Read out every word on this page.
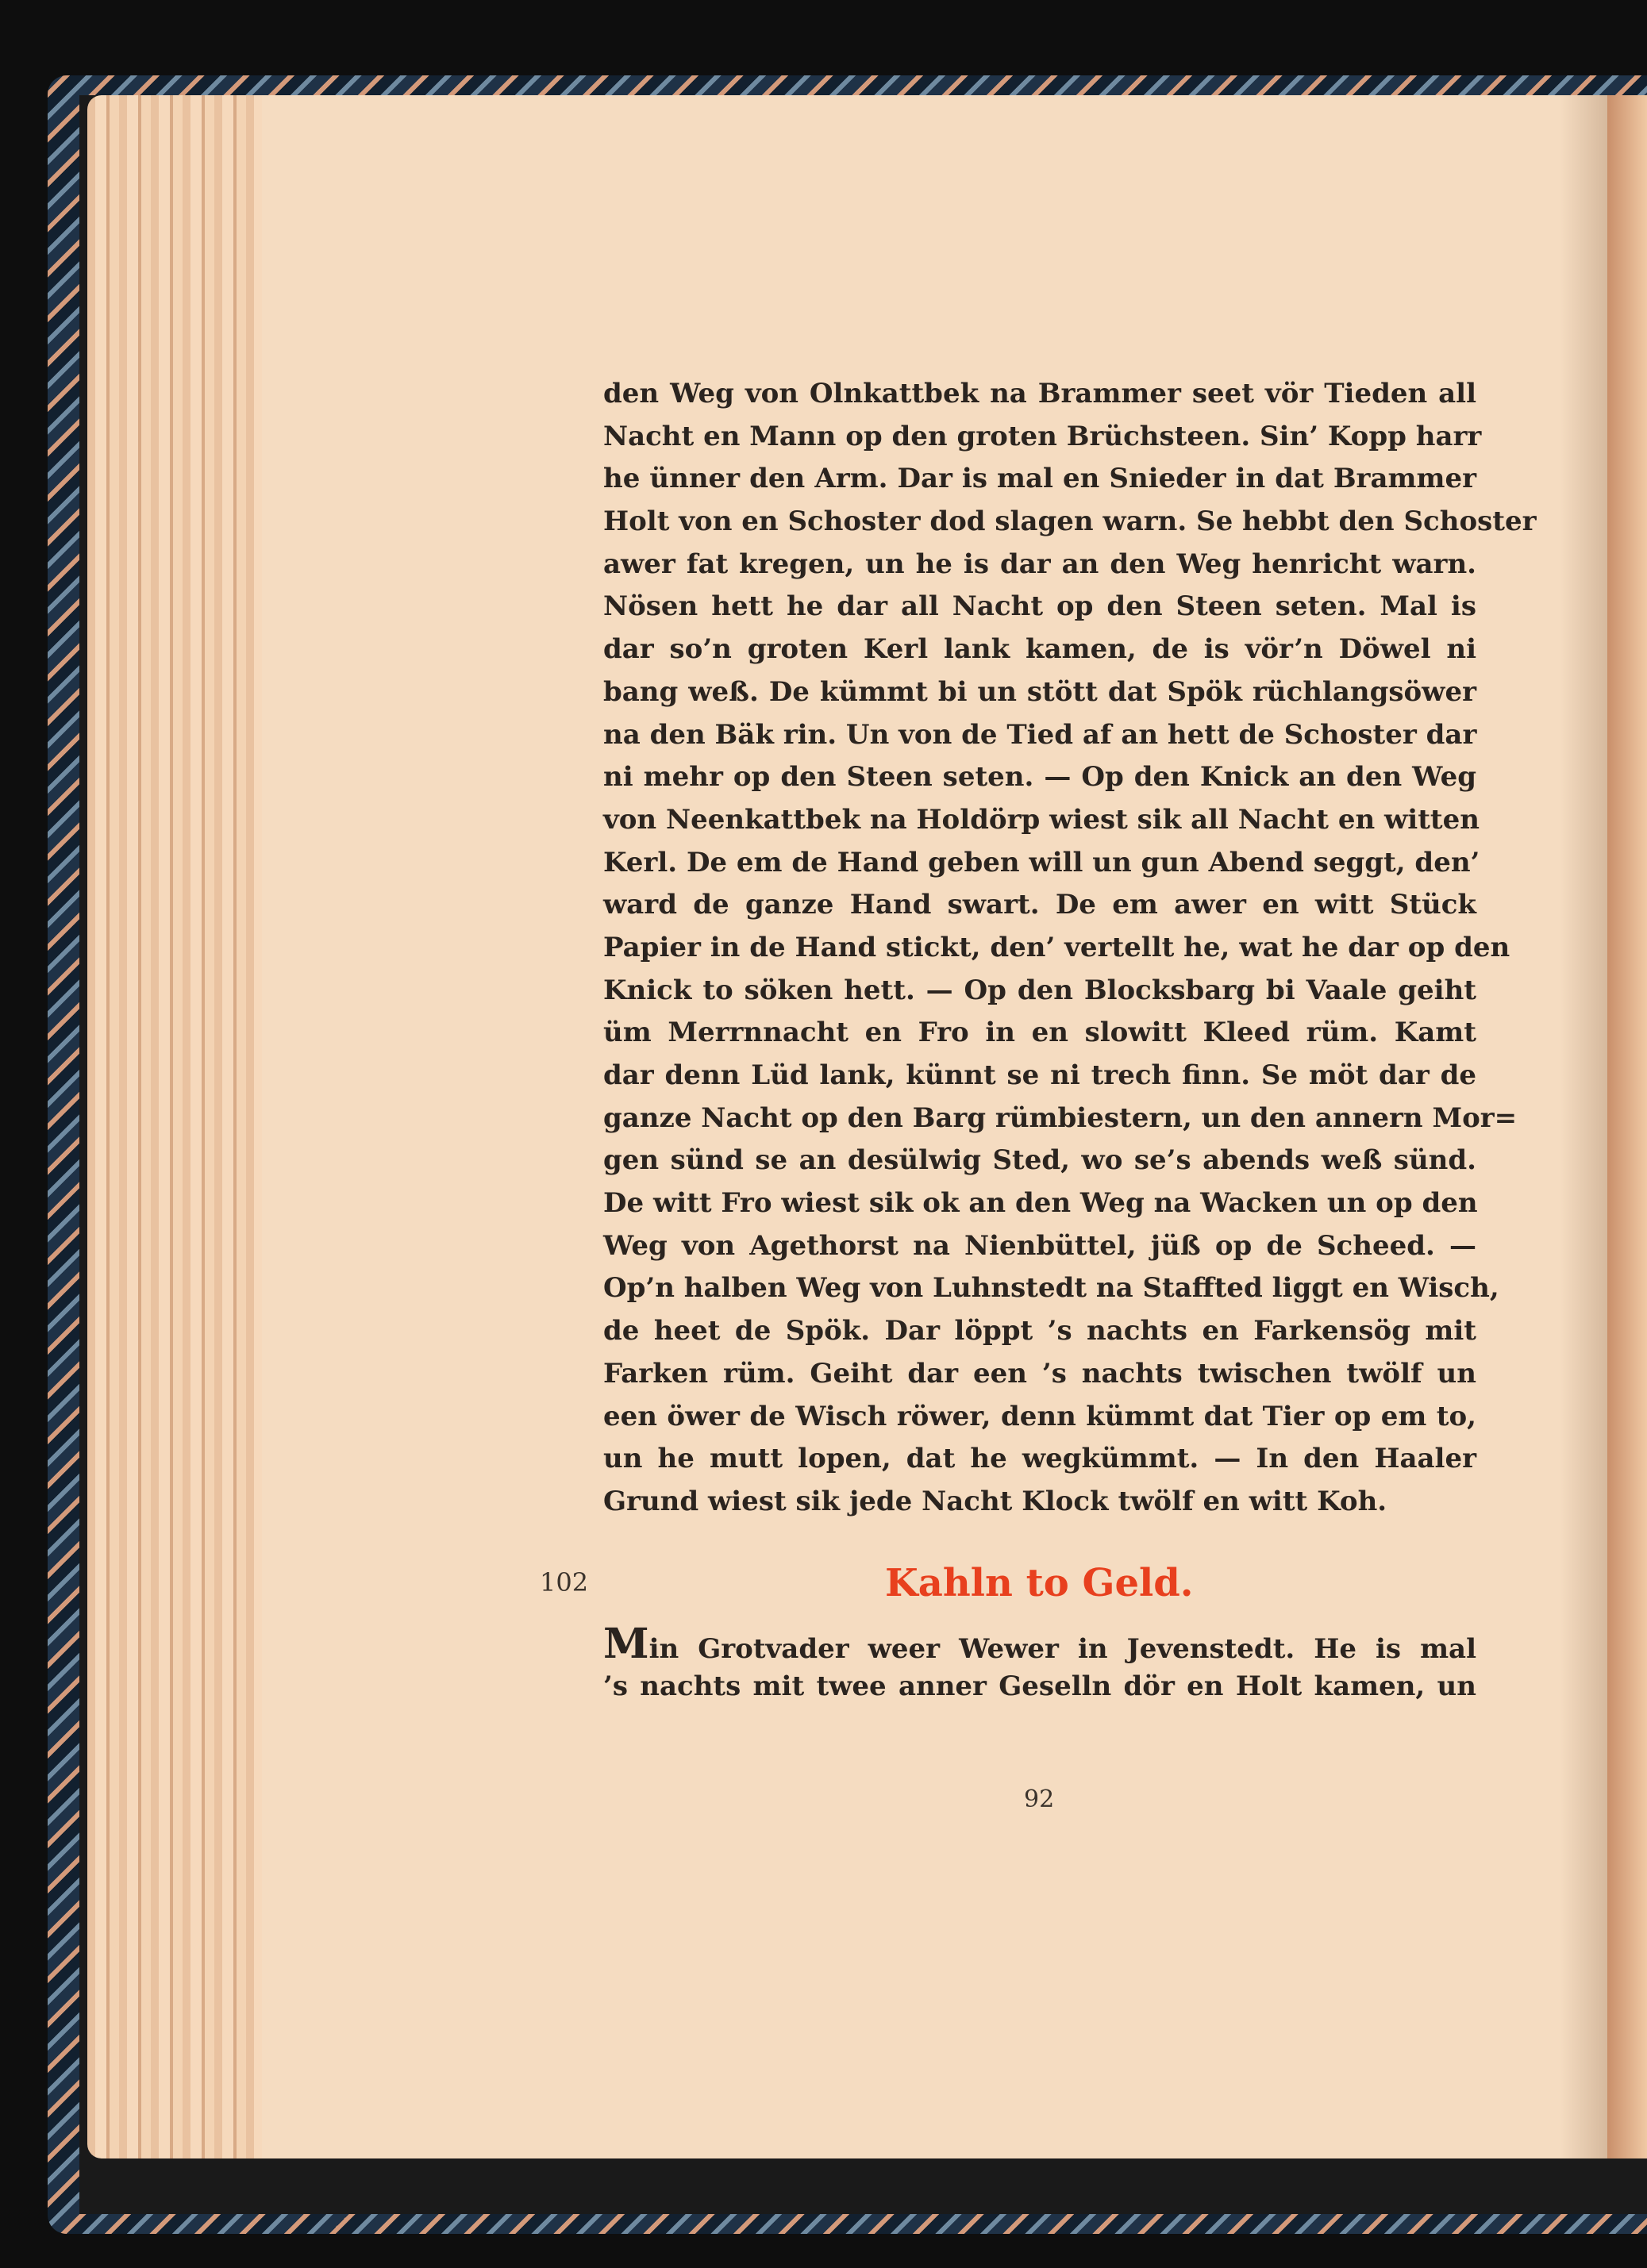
den Weg von Olnkattbek na Brammer seet vör Tieden all
Nacht en Mann op den groten Brüchsteen. Sin’ Kopp harr
he ünner den Arm. Dar is mal en Snieder in dat Brammer
Holt von en Schoster dod slagen warn. Se hebbt den Schoster
awer fat kregen, un he is dar an den Weg henricht warn.
Nösen hett he dar all Nacht op den Steen seten. Mal is
dar so’n groten Kerl lank kamen, de is vör’n Döwel ni
bang weß. De kümmt bi un stött dat Spök rüchlangsöwer
na den Bäk rin. Un von de Tied af an hett de Schoster dar
ni mehr op den Steen seten. — Op den Knick an den Weg
von Neenkattbek na Holdörp wiest sik all Nacht en witten
Kerl. De em de Hand geben will un gun Abend seggt, den’
ward de ganze Hand swart. De em awer en witt Stück
Papier in de Hand stickt, den’ vertellt he, wat he dar op den
Knick to söken hett. — Op den Blocksbarg bi Vaale geiht
üm Merrnnacht en Fro in en slowitt Kleed rüm. Kamt
dar denn Lüd lank, künnt se ni trech finn. Se möt dar de
ganze Nacht op den Barg rümbiestern, un den annern Mor=
gen sünd se an desülwig Sted, wo se’s abends weß sünd.
De witt Fro wiest sik ok an den Weg na Wacken un op den
Weg von Agethorst na Nienbüttel, jüß op de Scheed. —
Op’n halben Weg von Luhnstedt na Staffted liggt en Wisch,
de heet de Spök. Dar löppt ’s nachts en Farkensög mit
Farken rüm. Geiht dar een ’s nachts twischen twölf un
een öwer de Wisch röwer, denn kümmt dat Tier op em to,
un he mutt lopen, dat he wegkümmt. — In den Haaler
Grund wiest sik jede Nacht Klock twölf en witt Koh.
102	Kahln to Geld.
Min Grotvader weer Wewer in Jevenstedt. He is mal
’s nachts mit twee anner Geselln dör en Holt kamen, un
92
